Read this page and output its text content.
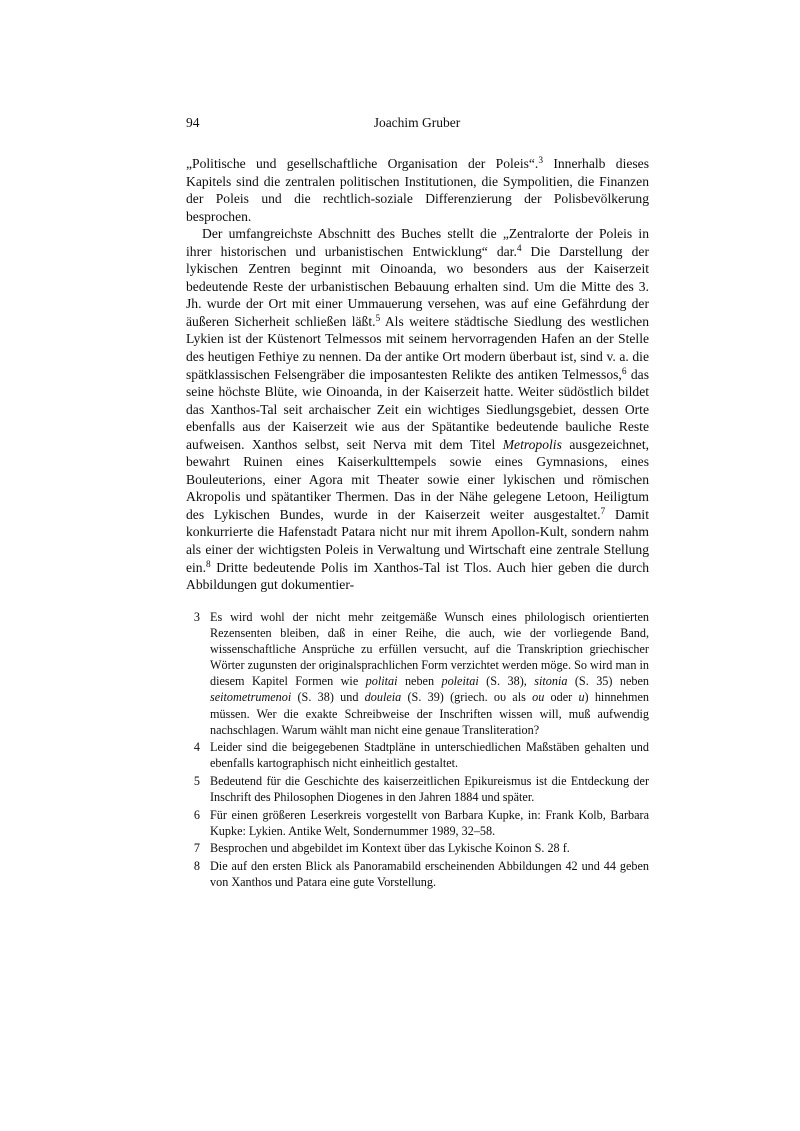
94	Joachim Gruber

„Politische und gesellschaftliche Organisation der Poleis“.$^3$ Innerhalb dieses Kapitels sind die zentralen politischen Institutionen, die Sympolitien, die Finanzen der Poleis und die rechtlich-soziale Differenzierung der Polisbevölkerung besprochen.

Der umfangreichste Abschnitt des Buches stellt die „Zentralorte der Poleis in ihrer historischen und urbanistischen Entwicklung“ dar.$^4$ Die Darstellung der lykischen Zentren beginnt mit Oinoanda, wo besonders aus der Kaiserzeit bedeutende Reste der urbanistischen Bebauung erhalten sind. Um die Mitte des 3. Jh. wurde der Ort mit einer Ummauerung versehen, was auf eine Gefährdung der äußeren Sicherheit schließen läßt.$^5$ Als weitere städtische Siedlung des westlichen Lykien ist der Küstenort Telmessos mit seinem hervorragenden Hafen an der Stelle des heutigen Fethiye zu nennen. Da der antike Ort modern überbaut ist, sind v. a. die spätklassischen Felsengräber die imposantesten Relikte des antiken Telmessos,$^6$ das seine höchste Blüte, wie Oinoanda, in der Kaiserzeit hatte. Weiter südöstlich bildet das Xanthos-Tal seit archaischer Zeit ein wichtiges Siedlungsgebiet, dessen Orte ebenfalls aus der Kaiserzeit wie aus der Spätantike bedeutende bauliche Reste aufweisen. Xanthos selbst, seit Nerva mit dem Titel Metropolis ausgezeichnet, bewahrt Ruinen eines Kaiserkulttempels sowie eines Gymnasions, eines Bouleuterions, einer Agora mit Theater sowie einer lykischen und römischen Akropolis und spätantiker Thermen. Das in der Nähe gelegene Letoon, Heiligtum des Lykischen Bundes, wurde in der Kaiserzeit weiter ausgestaltet.$^7$ Damit konkurrierte die Hafenstadt Patara nicht nur mit ihrem Apollon-Kult, sondern nahm als einer der wichtigsten Poleis in Verwaltung und Wirtschaft eine zentrale Stellung ein.$^8$ Dritte bedeutende Polis im Xanthos-Tal ist Tlos. Auch hier geben die durch Abbildungen gut dokumentier-

3 Es wird wohl der nicht mehr zeitgemäße Wunsch eines philologisch orientierten Rezensenten bleiben, daß in einer Reihe, die auch, wie der vorliegende Band, wissenschaftliche Ansprüche zu erfüllen versucht, auf die Transkription griechischer Wörter zugunsten der originalsprachlichen Form verzichtet werden möge. So wird man in diesem Kapitel Formen wie politai neben poleitai (S. 38), sitonia (S. 35) neben seitometrumenoi (S. 38) und douleia (S. 39) (griech. ου als ou oder u) hinnehmen müssen. Wer die exakte Schreibweise der Inschriften wissen will, muß aufwendig nachschlagen. Warum wählt man nicht eine genaue Transliteration?
4 Leider sind die beigegebenen Stadtpläne in unterschiedlichen Maßstäben gehalten und ebenfalls kartographisch nicht einheitlich gestaltet.
5 Bedeutend für die Geschichte des kaiserzeitlichen Epikureismus ist die Entdeckung der Inschrift des Philosophen Diogenes in den Jahren 1884 und später.
6 Für einen größeren Leserkreis vorgestellt von Barbara Kupke, in: Frank Kolb, Barbara Kupke: Lykien. Antike Welt, Sondernummer 1989, 32–58.
7 Besprochen und abgebildet im Kontext über das Lykische Koinon S. 28 f.
8 Die auf den ersten Blick als Panoramabild erscheinenden Abbildungen 42 und 44 geben von Xanthos und Patara eine gute Vorstellung.
